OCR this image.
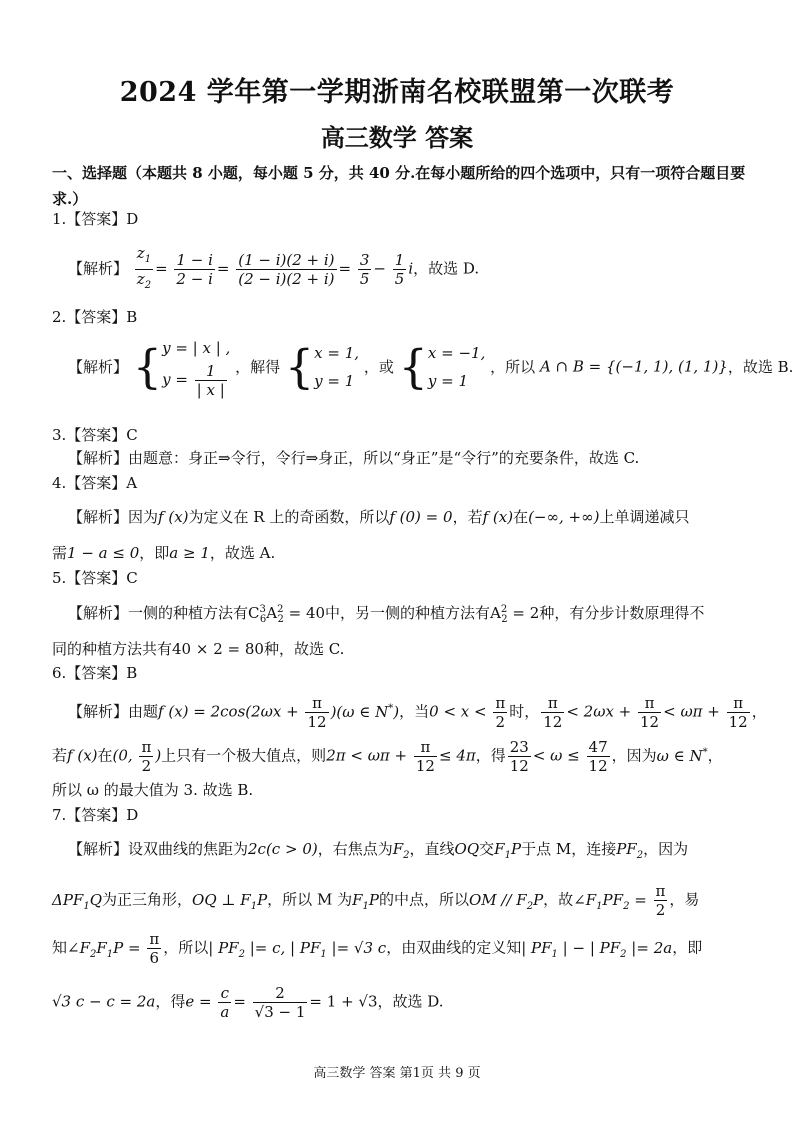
2024 学年第一学期浙南名校联盟第一次联考
高三数学 答案
一、选择题（本题共 8 小题，每小题 5 分，共 40 分.在每小题所给的四个选项中，只有一项符合题目要求.）
1.【答案】D
【解析】 $\frac{z_1}{z_2} = \frac{1 - i}{2 - i} = \frac{(1 - i)(2 + i)}{(2 - i)(2 + i)} = \frac{3}{5} - \frac{1}{5}$ i，故选 D.
2.【答案】B
【解析】 { y = | x | ,
$y = \frac{1}{| x |}$ ，解得 { x = 1,
y = 1
，或 { x = −1,
y = 1
，所以 A ∩ B = {(−1, 1), (1, 1)}，故选 B.
3.【答案】C
【解析】由题意：身正⇒令行，令行⇒身正，所以“身正”是“令行”的充要条件，故选 C.
4.【答案】A
【解析】因为f (x)为定义在 R 上的奇函数，所以f (0) = 0，若f (x)在(−∞, +∞)上单调递减只
需1 − a ≤ 0，即a ≥ 1，故选 A.
5.【答案】C
【解析】一侧的种植方法有$C^3_6A^2_2 = 40$中，另一侧的种植方法有$A^2_2 = 2$种，有分步计数原理得不
同的种植方法共有40 × 2 = 80种，故选 C.
6.【答案】B
【解析】由题f $(x) = 2\cos(2\omega x + \frac{\pi}{12} )(\omega$ ∈ N*)，当$0 < x < \frac{\pi}{2}$ 时， $\frac{\pi}{12} < 2\omega x + \frac{\pi}{12} < \omega\pi + \frac{\pi}{12}$ ，
若f (x)在(0, $\frac{\pi}{2}$ )上只有一个极大值点，则$2\pi < \omega\pi + \frac{\pi}{12} \le 4\pi$，得 $\frac{23}{12} < \omega \le \frac{47}{12}$ ，因为ω ∈ N*，
所以 ω 的最大值为 3. 故选 B.
7.【答案】D
【解析】设双曲线的焦距为2c(c > 0)，右焦点为$F_2$，直线OQ交$F_1P$于点 M，连接$PF_2$，因为
$\Delta PF_1Q$为正三角形，OQ ⊥ $F_1P$，所以 M 为$F_1P$的中点，所以OM // $F_2P$，故$\angle F_1PF_2 = \frac{\pi}{2}$ ，易
知$\angle F_2F_1P = \frac{\pi}{6}$ ，所以| $PF_2$ |= c, | $PF_1$ |= √3 c，由双曲线的定义知| $PF_1$ | − | $PF_2$ |= 2a，即
√3 c − c = 2a，得$e = \frac{c}{a} = \frac{2}{√3 - 1} = 1 + √3$，故选 D.
高三数学 答案 第1页 共 9 页
